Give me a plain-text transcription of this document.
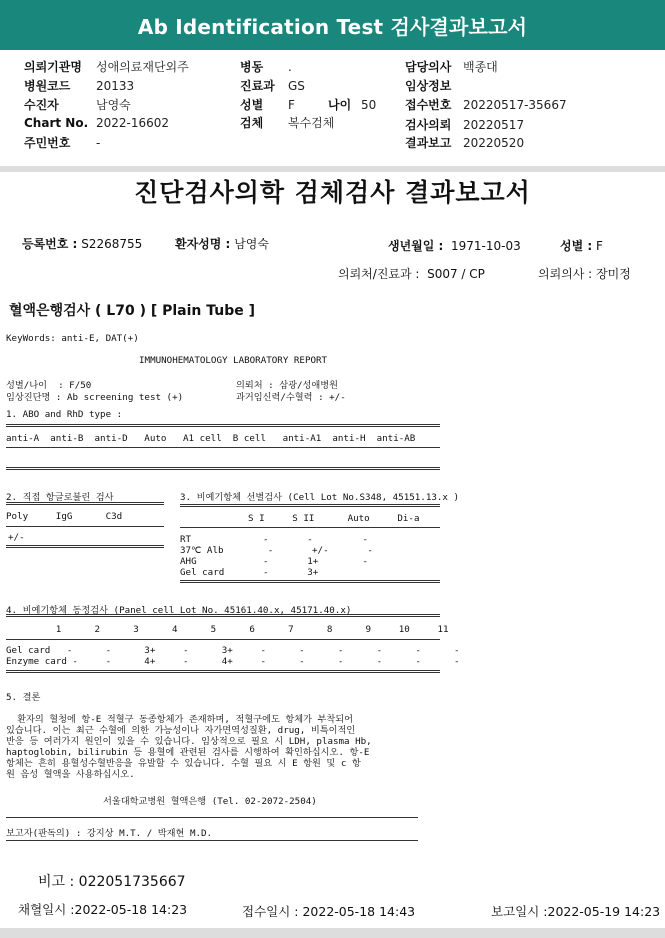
Ab Identification Test 검사결과보고서
의뢰기관명 성애의료재단외주
병원코드 20133
수진자	남영숙
Chart No. 2022-16602
주민번호 -
병동 .
진료과 GS
성별 F	나이 50
검체 복수검체
담당의사 백종대
임상정보
접수번호 20220517-35667
검사의뢰 20220517
결과보고 20220520
진단검사의학 검체검사 결과보고서
등록번호 : S2268755	환자성명 : 남영숙	생년월일 : 1971-10-03	성별 : F
의뢰처/진료과 : S007 / CP	의뢰의사 : 장미정
혈액은행검사 ( L70 ) [ Plain Tube ]
KeyWords: anti-E, DAT(+)
IMMUNOHEMATOLOGY LABORATORY REPORT
성별/나이  : F/50
임상진단명 : Ab screening test (+)
의뢰처 : 삼광/성애병원
과거임신력/수혈력 : +/-
1. ABO and RhD type :
anti-A  anti-B  anti-D   Auto   A1 cell  B cell   anti-A1  anti-H  anti-AB
2. 직접 항글로불린 검사
Poly     IgG      C3d
+/-
3. 비예기항체 선별검사 (Cell Lot No.S348, 45151.13.x )
S I     S II      Auto     Di-a
RT             -       -         -
37℃ Alb        -       +/-       -
AHG            -       1+        -
Gel card       -       3+
4. 비예기항체 동정검사 (Panel cell Lot No. 45161.40.x, 45171.40.x)
1      2      3      4      5      6      7      8      9     10     11
Gel card   -      -      3+     -      3+     -      -      -      -      -      -
Enzyme card -     -      4+     -      4+     -      -      -      -      -      -
5. 결론
환자의 혈청에 항-E 적혈구 동종항체가 존재하며, 적혈구에도 항체가 부착되어
있습니다. 이는 최근 수혈에 의한 가능성이나 자가면역성질환, drug, 비특이적인
반응 등 여러가지 원인이 있을 수 있습니다. 임상적으로 필요 시 LDH, plasma Hb,
haptoglobin, bilirubin 등 용혈에 관련된 검사를 시행하여 확인하십시오. 항-E
항체는 흔히 용혈성수혈반응을 유발할 수 있습니다. 수혈 필요 시 E 항원 및 c 항
원 음성 혈액을 사용하십시오.
서울대학교병원 혈액은행 (Tel. 02-2072-2504)
보고자(판독의) : 강지상 M.T. / 박재현 M.D.
비고 : 022051735667
채혈일시 :2022-05-18 14:23	접수일시 : 2022-05-18 14:43	보고일시 :2022-05-19 14:23
